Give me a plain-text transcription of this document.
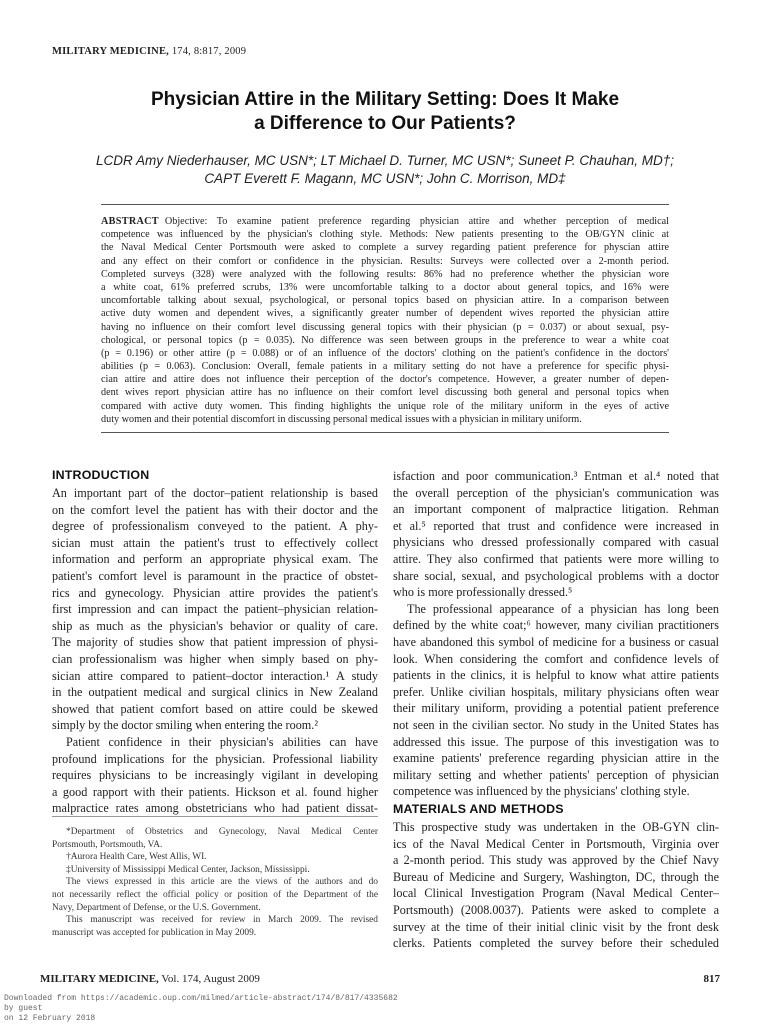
MILITARY MEDICINE, 174, 8:817, 2009
Physician Attire in the Military Setting: Does It Make
a Difference to Our Patients?
LCDR Amy Niederhauser, MC USN*; LT Michael D. Turner, MC USN*; Suneet P. Chauhan, MD†;
CAPT Everett F. Magann, MC USN*; John C. Morrison, MD‡
ABSTRACT Objective: To examine patient preference regarding physician attire and whether perception of medical
competence was influenced by the physician's clothing style. Methods: New patients presenting to the OB/GYN clinic at
the Naval Medical Center Portsmouth were asked to complete a survey regarding patient preference for physcian attire
and any effect on their comfort or confidence in the physician. Results: Surveys were collected over a 2-month period.
Completed surveys (328) were analyzed with the following results: 86% had no preference whether the physician wore
a white coat, 61% preferred scrubs, 13% were uncomfortable talking to a doctor about general topics, and 16% were
uncomfortable talking about sexual, psychological, or personal topics based on physician attire. In a comparison between
active duty women and dependent wives, a significantly greater number of dependent wives reported the physician attire
having no influence on their comfort level discussing general topics with their physician (p = 0.037) or about sexual, psy-
chological, or personal topics (p = 0.035). No difference was seen between groups in the preference to wear a white coat
(p = 0.196) or other attire (p = 0.088) or of an influence of the doctors' clothing on the patient's confidence in the doctors'
abilities (p = 0.063). Conclusion: Overall, female patients in a military setting do not have a preference for specific physi-
cian attire and attire does not influence their perception of the doctor's competence. However, a greater number of depen-
dent wives report physician attire has no influence on their comfort level discussing both general and personal topics when
compared with active duty women. This finding highlights the unique role of the military uniform in the eyes of active
duty women and their potential discomfort in discussing personal medical issues with a physician in military uniform.
INTRODUCTION
An important part of the doctor–patient relationship is based
on the comfort level the patient has with their doctor and the
degree of professionalism conveyed to the patient. A phy-
sician must attain the patient's trust to effectively collect
information and perform an appropriate physical exam. The
patient's comfort level is paramount in the practice of obstet-
rics and gynecology. Physician attire provides the patient's
first impression and can impact the patient–physician relation-
ship as much as the physician's behavior or quality of care.
The majority of studies show that patient impression of physi-
cian professionalism was higher when simply based on phy-
sician attire compared to patient–doctor interaction.¹ A study
in the outpatient medical and surgical clinics in New Zealand
showed that patient comfort based on attire could be skewed
simply by the doctor smiling when entering the room.²
Patient confidence in their physician's abilities can have
profound implications for the physician. Professional liability
requires physicians to be increasingly vigilant in developing
a good rapport with their patients. Hickson et al. found higher
malpractice rates among obstetricians who had patient dissat-
*Department of Obstetrics and Gynecology, Naval Medical Center
Portsmouth, Portsmouth, VA.
†Aurora Health Care, West Allis, WI.
‡University of Mississippi Medical Center, Jackson, Mississippi.
The views expressed in this article are the views of the authors and do
not necessarily reflect the official policy or position of the Department of the
Navy, Department of Defense, or the U.S. Government.
This manuscript was received for review in March 2009. The revised
manuscript was accepted for publication in May 2009.
isfaction and poor communication.³ Entman et al.⁴ noted that
the overall perception of the physician's communication was
an important component of malpractice litigation. Rehman
et al.⁵ reported that trust and confidence were increased in
physicians who dressed professionally compared with casual
attire. They also confirmed that patients were more willing to
share social, sexual, and psychological problems with a doctor
who is more professionally dressed.⁵
The professional appearance of a physician has long been
defined by the white coat;⁶ however, many civilian practitioners
have abandoned this symbol of medicine for a business or casual
look. When considering the comfort and confidence levels of
patients in the clinics, it is helpful to know what attire patients
prefer. Unlike civilian hospitals, military physicians often wear
their military uniform, providing a potential patient preference
not seen in the civilian sector. No study in the United States has
addressed this issue. The purpose of this investigation was to
examine patients' preference regarding physician attire in the
military setting and whether patients' perception of physician
competence was influenced by the physicians' clothing style.
MATERIALS AND METHODS
This prospective study was undertaken in the OB-GYN clin-
ics of the Naval Medical Center in Portsmouth, Virginia over
a 2-month period. This study was approved by the Chief Navy
Bureau of Medicine and Surgery, Washington, DC, through the
local Clinical Investigation Program (Naval Medical Center–
Portsmouth) (2008.0037). Patients were asked to complete a
survey at the time of their initial clinic visit by the front desk
clerks. Patients completed the survey before their scheduled
MILITARY MEDICINE, Vol. 174, August 2009	817
Downloaded from https://academic.oup.com/milmed/article-abstract/174/8/817/4335682
by guest
on 12 February 2018
